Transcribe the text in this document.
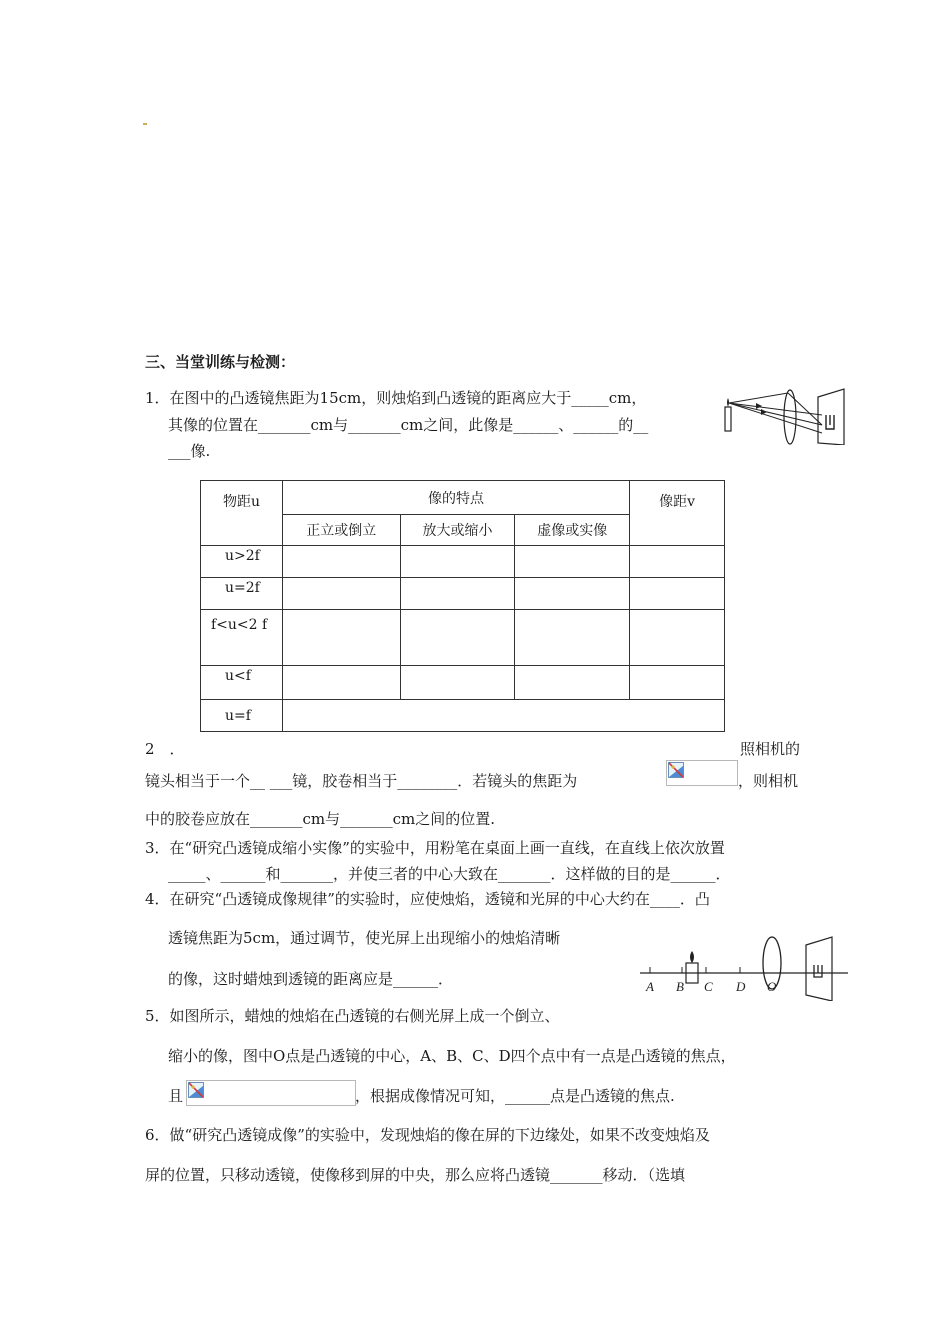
三、当堂训练与检测：
1．在图中的凸透镜焦距为15cm，则烛焰到凸透镜的距离应大于_____cm，
其像的位置在_______cm与_______cm之间，此像是______、______的__
___像.
物距u	像的特点			像距v
	正立或倒立	放大或缩小	虚像或实像	
u>2f				
u=2f				
f<u<2 f				
u<f				
u=f				
2　．	照相机的
镜头相当于一个__ ___镜，胶卷相当于________．若镜头的焦距为	，则相机
中的胶卷应放在_______cm与_______cm之间的位置.
3．在“研究凸透镜成缩小实像”的实验中，用粉笔在桌面上画一直线，在直线上依次放置
_____、______和_______，并使三者的中心大致在_______．这样做的目的是______．
4．在研究“凸透镜成像规律”的实验时，应使烛焰，透镜和光屏的中心大约在____．凸
透镜焦距为5cm，通过调节，使光屏上出现缩小的烛焰清晰
的像，这时蜡烛到透镜的距离应是______．	A B C D O
5．如图所示，蜡烛的烛焰在凸透镜的右侧光屏上成一个倒立、
缩小的像，图中O点是凸透镜的中心，A、B、C、D四个点中有一点是凸透镜的焦点，
且	，根据成像情况可知，______点是凸透镜的焦点.
6．做“研究凸透镜成像”的实验中，发现烛焰的像在屏的下边缘处，如果不改变烛焰及
屏的位置，只移动透镜，使像移到屏的中央，那么应将凸透镜_______移动．（选填
